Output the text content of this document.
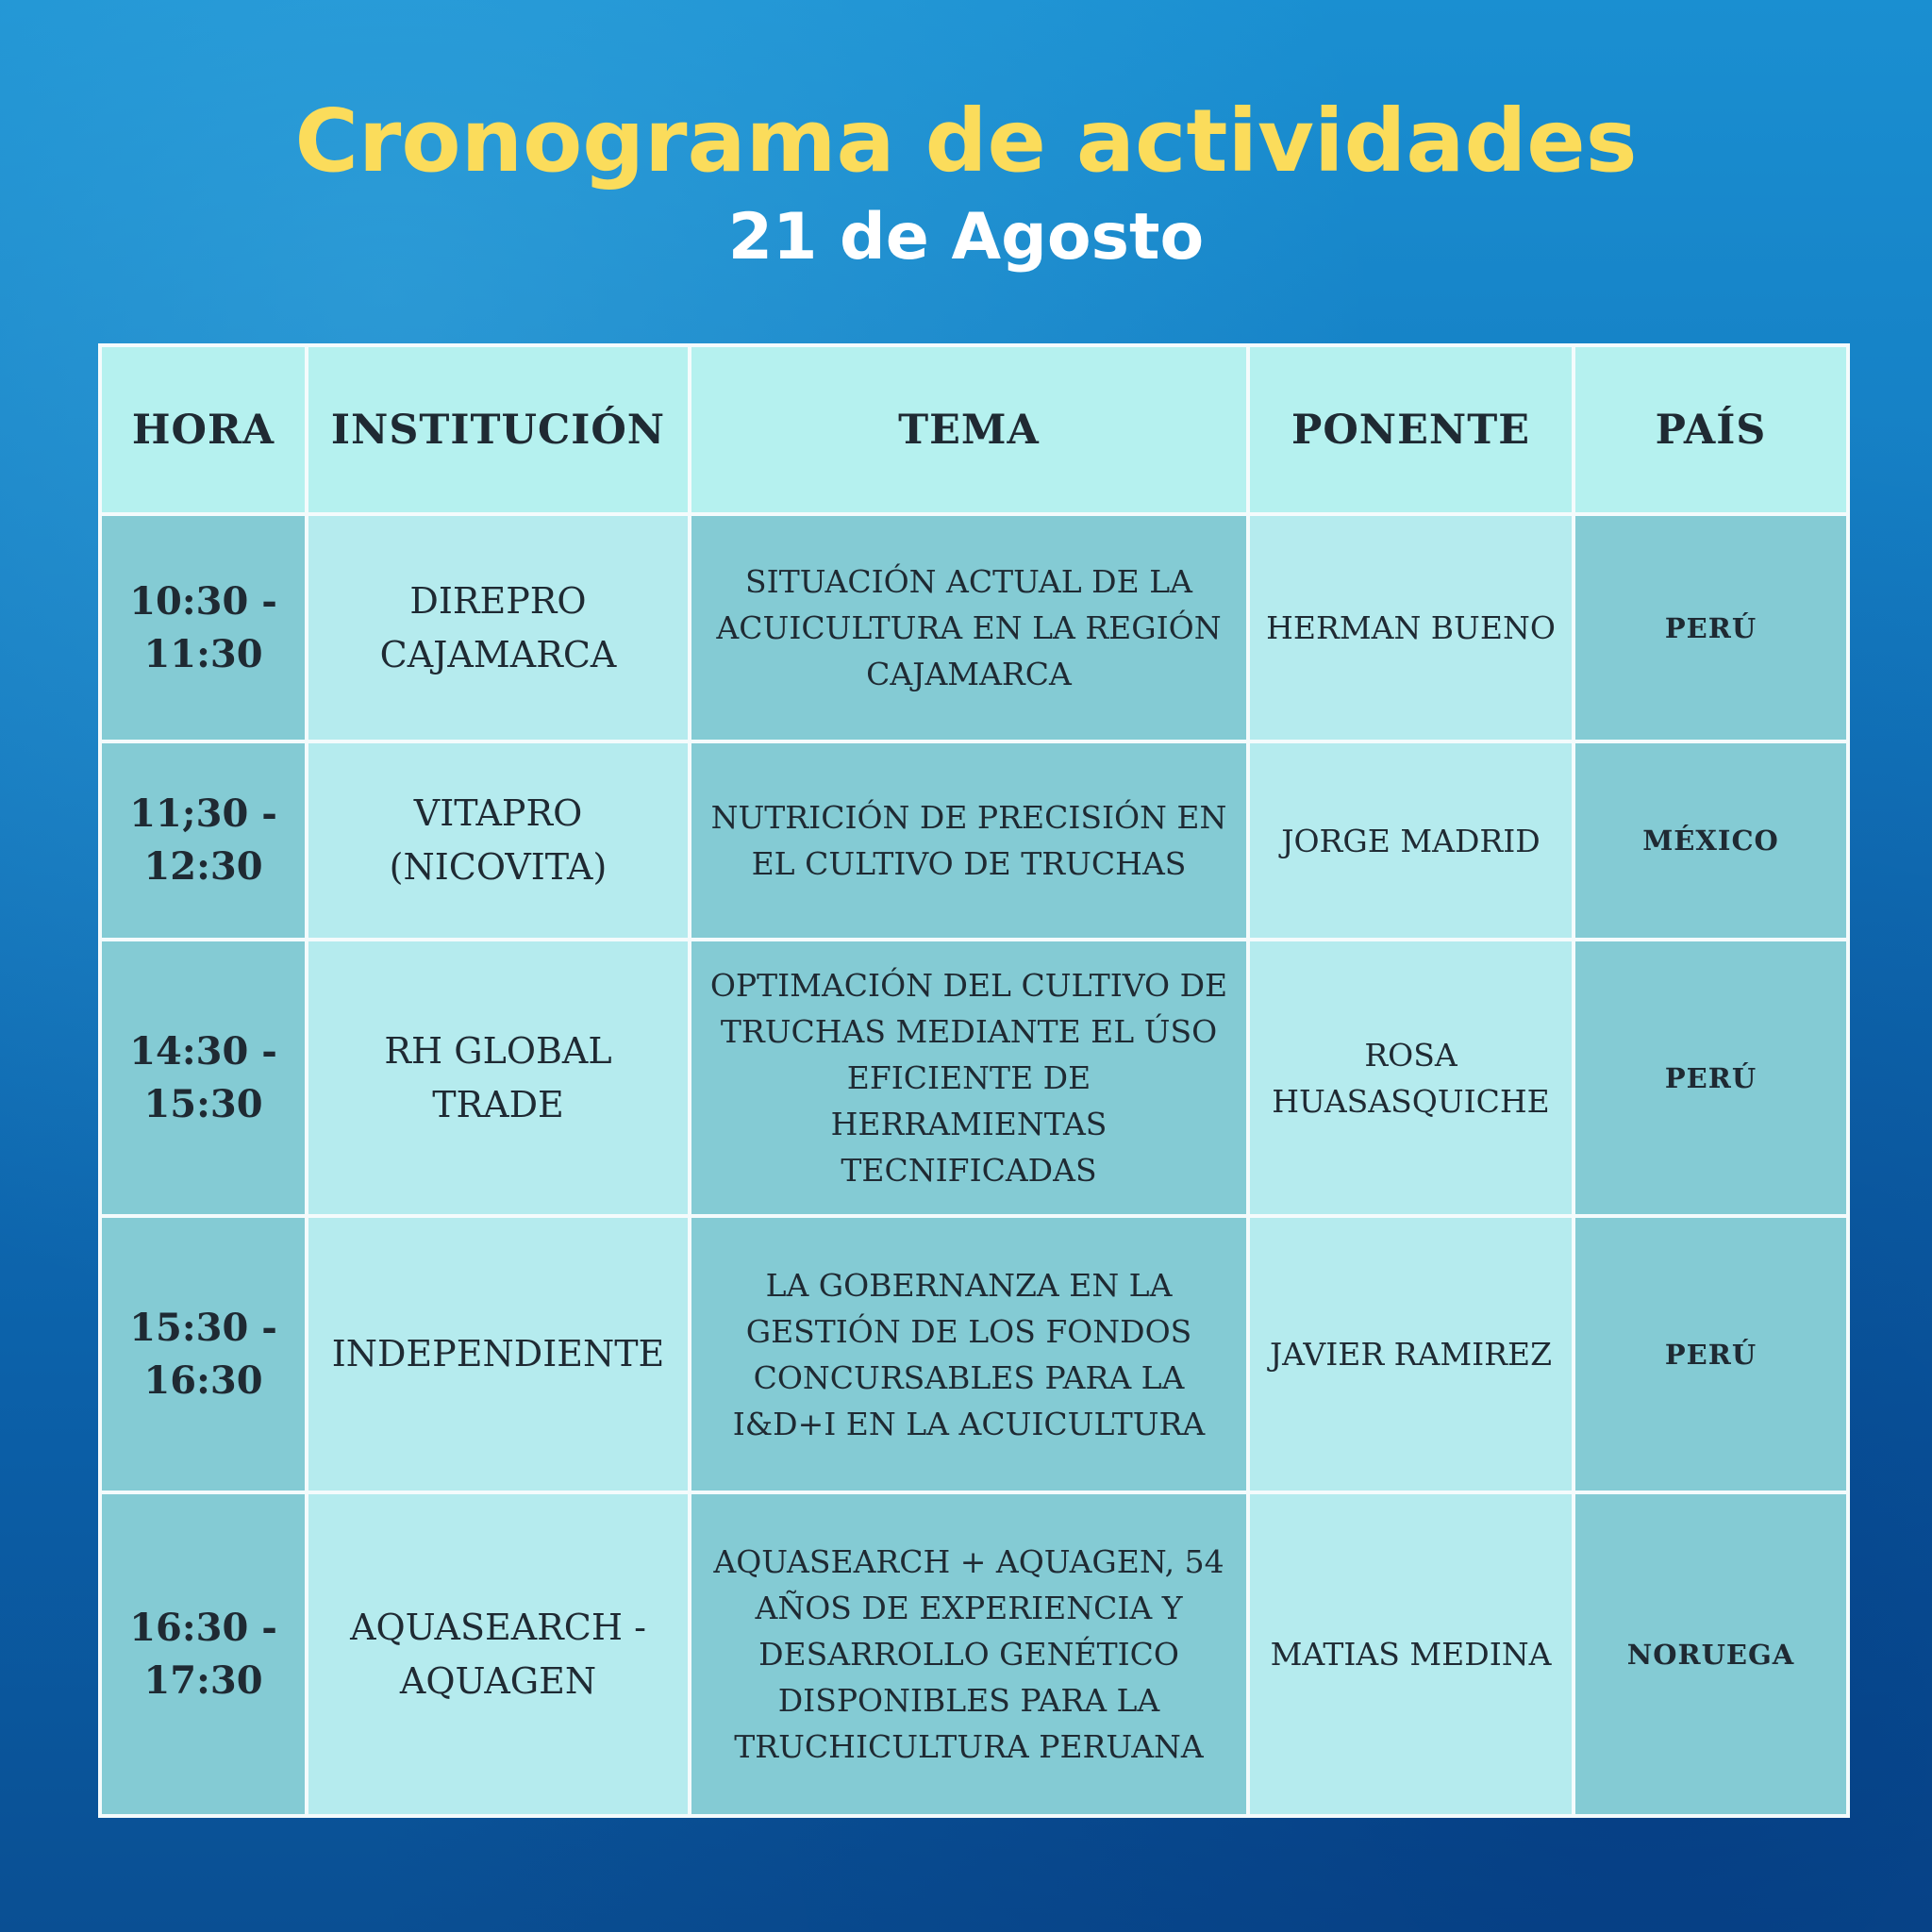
Cronograma de actividades
21 de Agosto
HORA	INSTITUCIÓN	TEMA	PONENTE	PAÍS
10:30 - 11:30	DIREPRO CAJAMARCA	SITUACIÓN ACTUAL DE LA ACUICULTURA EN LA REGIÓN CAJAMARCA	HERMAN BUENO	PERÚ
11;30 - 12:30	VITAPRO (NICOVITA)	NUTRICIÓN DE PRECISIÓN EN EL CULTIVO DE TRUCHAS	JORGE MADRID	MÉXICO
14:30 - 15:30	RH GLOBAL TRADE	OPTIMACIÓN DEL CULTIVO DE TRUCHAS MEDIANTE EL ÚSO EFICIENTE DE HERRAMIENTAS TECNIFICADAS	ROSA HUASASQUICHE	PERÚ
15:30 - 16:30	INDEPENDIENTE	LA GOBERNANZA EN LA GESTIÓN DE LOS FONDOS CONCURSABLES PARA LA I&D+I EN LA ACUICULTURA	JAVIER RAMIREZ	PERÚ
16:30 - 17:30	AQUASEARCH - AQUAGEN	AQUASEARCH + AQUAGEN, 54 AÑOS DE EXPERIENCIA Y DESARROLLO GENÉTICO DISPONIBLES PARA LA TRUCHICULTURA PERUANA	MATIAS MEDINA	NORUEGA
